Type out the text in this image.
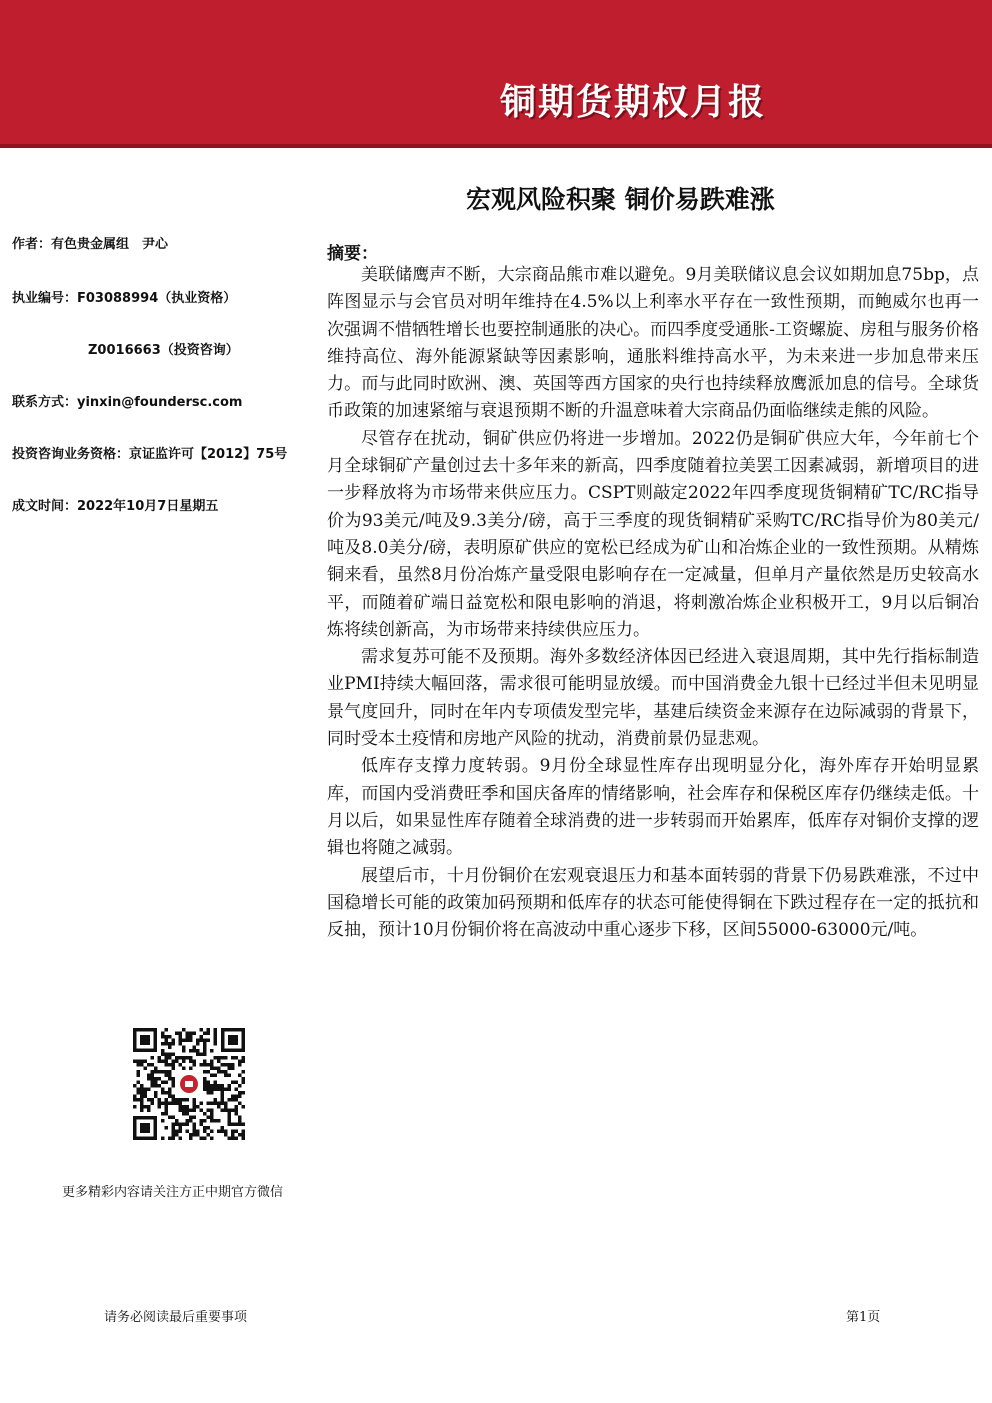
铜期货期权月报
宏观风险积聚 铜价易跌难涨
作者：有色贵金属组　尹心
执业编号：F03088994（执业资格）
Z0016663（投资咨询）
联系方式：yinxin@foundersc.com
投资咨询业务资格：京证监许可【2012】75号
成文时间：2022年10月7日星期五
摘要：

美联储鹰声不断，大宗商品熊市难以避免。9月美联储议息会议如期加息75bp，点阵图显示与会官员对明年维持在4.5%以上利率水平存在一致性预期，而鲍威尔也再一次强调不惜牺牲增长也要控制通胀的决心。而四季度受通胀-工资螺旋、房租与服务价格维持高位、海外能源紧缺等因素影响，通胀料维持高水平，为未来进一步加息带来压力。而与此同时欧洲、澳、英国等西方国家的央行也持续释放鹰派加息的信号。全球货币政策的加速紧缩与衰退预期不断的升温意味着大宗商品仍面临继续走熊的风险。

尽管存在扰动，铜矿供应仍将进一步增加。2022仍是铜矿供应大年，今年前七个月全球铜矿产量创过去十多年来的新高，四季度随着拉美罢工因素减弱，新增项目的进一步释放将为市场带来供应压力。CSPT则敲定2022年四季度现货铜精矿TC/RC指导价为93美元/吨及9.3美分/磅，高于三季度的现货铜精矿采购TC/RC指导价为80美元/吨及8.0美分/磅，表明原矿供应的宽松已经成为矿山和冶炼企业的一致性预期。从精炼铜来看，虽然8月份冶炼产量受限电影响存在一定减量，但单月产量依然是历史较高水平，而随着矿端日益宽松和限电影响的消退，将刺激冶炼企业积极开工，9月以后铜冶炼将续创新高，为市场带来持续供应压力。

需求复苏可能不及预期。海外多数经济体因已经进入衰退周期，其中先行指标制造业PMI持续大幅回落，需求很可能明显放缓。而中国消费金九银十已经过半但未见明显景气度回升，同时在年内专项债发型完毕，基建后续资金来源存在边际减弱的背景下，同时受本土疫情和房地产风险的扰动，消费前景仍显悲观。

低库存支撑力度转弱。9月份全球显性库存出现明显分化，海外库存开始明显累库，而国内受消费旺季和国庆备库的情绪影响，社会库存和保税区库存仍继续走低。十月以后，如果显性库存随着全球消费的进一步转弱而开始累库，低库存对铜价支撑的逻辑也将随之减弱。

展望后市，十月份铜价在宏观衰退压力和基本面转弱的背景下仍易跌难涨，不过中国稳增长可能的政策加码预期和低库存的状态可能使得铜在下跌过程存在一定的抵抗和反抽，预计10月份铜价将在高波动中重心逐步下移，区间55000-63000元/吨。

更多精彩内容请关注方正中期官方微信
请务必阅读最后重要事项	第1页
